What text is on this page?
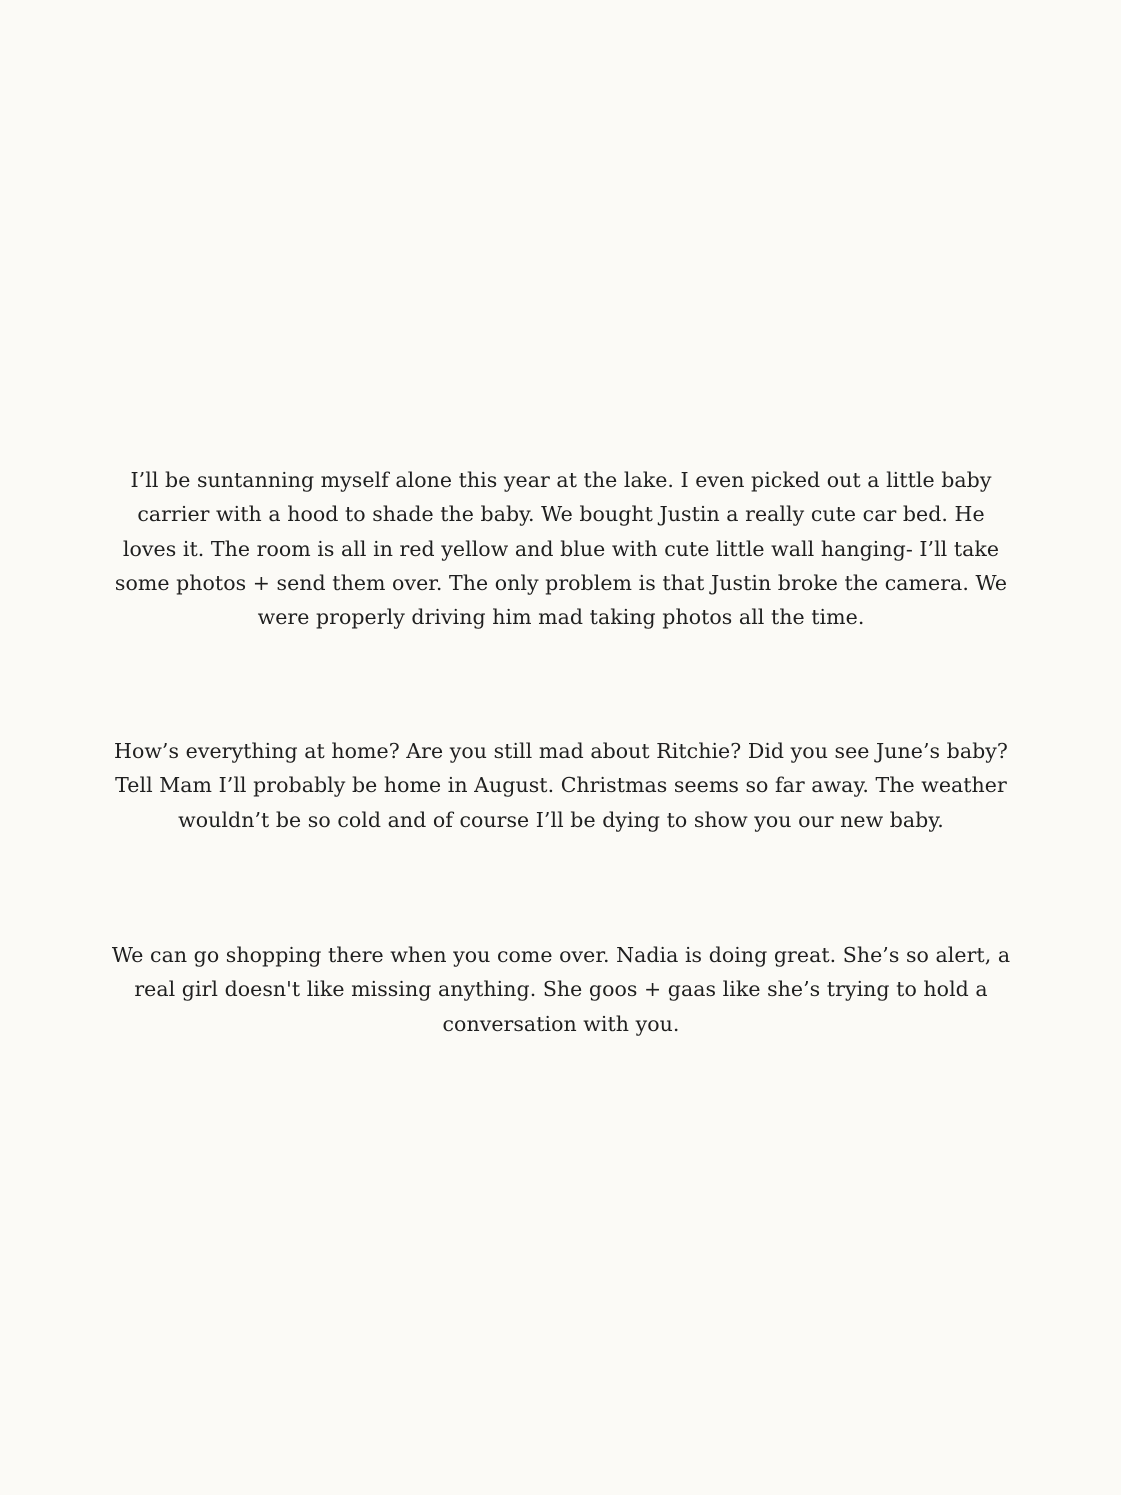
I’ll be suntanning myself alone this year at the lake. I even picked out a little baby carrier with a hood to shade the baby. We bought Justin a really cute car bed. He loves it. The room is all in red yellow and blue with cute little wall hanging- I’ll take some photos + send them over. The only problem is that Justin broke the camera. We were properly driving him mad taking photos all the time.

How’s everything at home? Are you still mad about Ritchie? Did you see June’s baby? Tell Mam I’ll probably be home in August. Christmas seems so far away. The weather wouldn’t be so cold and of course I’ll be dying to show you our new baby.

We can go shopping there when you come over. Nadia is doing great. She’s so alert, a real girl doesn't like missing anything. She goos + gaas like she’s trying to hold a conversation with you.
